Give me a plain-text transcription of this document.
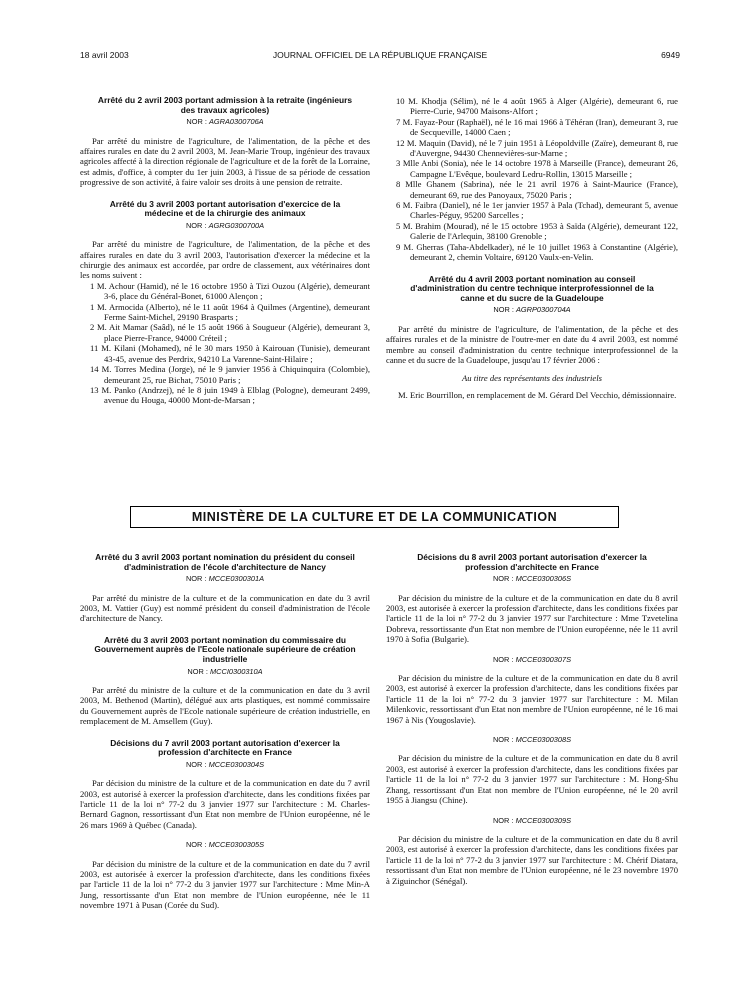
18 avril 2003	JOURNAL OFFICIEL DE LA RÉPUBLIQUE FRANÇAISE	6949
Arrêté du 2 avril 2003 portant admission à la retraite (ingénieurs des travaux agricoles)
NOR : AGRA0300706A

Par arrêté du ministre de l'agriculture, de l'alimentation, de la pêche et des affaires rurales en date du 2 avril 2003, M. Jean-Marie Troup, ingénieur des travaux agricoles affecté à la direction régionale de l'agriculture et de la forêt de la Lorraine, est admis, d'office, à compter du 1er juin 2003, à l'issue de sa période de cessation progressive de son activité, à faire valoir ses droits à une pension de retraite.

Arrêté du 3 avril 2003 portant autorisation d'exercice de la médecine et de la chirurgie des animaux
NOR : AGRG0300700A

Par arrêté du ministre de l'agriculture, de l'alimentation, de la pêche et des affaires rurales en date du 3 avril 2003, l'autorisation d'exercer la médecine et la chirurgie des animaux est accordée, par ordre de classement, aux vétérinaires dont les noms suivent :

1 M. Achour (Hamid), né le 16 octobre 1950 à Tizi Ouzou (Algérie), demeurant 3-6, place du Général-Bonet, 61000 Alençon ;

1 M. Armocida (Alberto), né le 11 août 1964 à Quilmes (Argentine), demeurant Ferme Saint-Michel, 29190 Brasparts ;

2 M. Ait Mamar (Saâd), né le 15 août 1966 à Sougueur (Algérie), demeurant 3, place Pierre-France, 94000 Créteil ;

11 M. Kilani (Mohamed), né le 30 mars 1950 à Kairouan (Tunisie), demeurant 43-45, avenue des Perdrix, 94210 La Varenne-Saint-Hilaire ;

14 M. Torres Medina (Jorge), né le 9 janvier 1956 à Chiquinquira (Colombie), demeurant 25, rue Bichat, 75010 Paris ;

13 M. Panko (Andrzej), né le 8 juin 1949 à Elblag (Pologne), demeurant 2499, avenue du Houga, 40000 Mont-de-Marsan ;

10 M. Khodja (Sélim), né le 4 août 1965 à Alger (Algérie), demeurant 6, rue Pierre-Curie, 94700 Maisons-Alfort ;

7 M. Fayaz-Pour (Raphaël), né le 16 mai 1966 à Téhéran (Iran), demeurant 3, rue de Secqueville, 14000 Caen ;

12 M. Maquin (David), né le 7 juin 1951 à Léopoldville (Zaïre), demeurant 8, rue d'Auvergne, 94430 Chennevières-sur-Marne ;

3 Mlle Anbi (Sonia), née le 14 octobre 1978 à Marseille (France), demeurant 26, Campagne L'Evêque, boulevard Ledru-Rollin, 13015 Marseille ;

8 Mlle Ghanem (Sabrina), née le 21 avril 1976 à Saint-Maurice (France), demeurant 69, rue des Panoyaux, 75020 Paris ;

6 M. Faibra (Daniel), né le 1er janvier 1957 à Pala (Tchad), demeurant 5, avenue Charles-Péguy, 95200 Sarcelles ;

5 M. Brahim (Mourad), né le 15 octobre 1953 à Saïda (Algérie), demeurant 122, Galerie de l'Arlequin, 38100 Grenoble ;

9 M. Gherras (Taha-Abdelkader), né le 10 juillet 1963 à Constantine (Algérie), demeurant 2, chemin Voltaire, 69120 Vaulx-en-Velin.

Arrêté du 4 avril 2003 portant nomination au conseil d'administration du centre technique interprofessionnel de la canne et du sucre de la Guadeloupe
NOR : AGRP0300704A

Par arrêté du ministre de l'agriculture, de l'alimentation, de la pêche et des affaires rurales et de la ministre de l'outre-mer en date du 4 avril 2003, est nommé membre au conseil d'administration du centre technique interprofessionnel de la canne et du sucre de la Guadeloupe, jusqu'au 17 février 2006 :

Au titre des représentants des industriels

M. Eric Bourrillon, en remplacement de M. Gérard Del Vecchio, démissionnaire.

MINISTÈRE DE LA CULTURE ET DE LA COMMUNICATION
Arrêté du 3 avril 2003 portant nomination du président du conseil d'administration de l'école d'architecture de Nancy
NOR : MCCE0300301A

Par arrêté du ministre de la culture et de la communication en date du 3 avril 2003, M. Vattier (Guy) est nommé président du conseil d'administration de l'école d'architecture de Nancy.

Arrêté du 3 avril 2003 portant nomination du commissaire du Gouvernement auprès de l'Ecole nationale supérieure de création industrielle
NOR : MCCI0300310A

Par arrêté du ministre de la culture et de la communication en date du 3 avril 2003, M. Bethenod (Martin), délégué aux arts plastiques, est nommé commissaire du Gouvernement auprès de l'Ecole nationale supérieure de création industrielle, en remplacement de M. Amsellem (Guy).

Décisions du 7 avril 2003 portant autorisation d'exercer la profession d'architecte en France
NOR : MCCE0300304S

Par décision du ministre de la culture et de la communication en date du 7 avril 2003, est autorisé à exercer la profession d'architecte, dans les conditions fixées par l'article 11 de la loi n° 77-2 du 3 janvier 1977 sur l'architecture : M. Charles-Bernard Gagnon, ressortissant d'un Etat non membre de l'Union européenne, né le 26 mars 1969 à Québec (Canada).

NOR : MCCE0300305S

Par décision du ministre de la culture et de la communication en date du 7 avril 2003, est autorisée à exercer la profession d'architecte, dans les conditions fixées par l'article 11 de la loi n° 77-2 du 3 janvier 1977 sur l'architecture : Mme Min-A Jung, ressortissante d'un Etat non membre de l'Union européenne, née le 11 novembre 1971 à Pusan (Corée du Sud).

Décisions du 8 avril 2003 portant autorisation d'exercer la profession d'architecte en France
NOR : MCCE0300306S

Par décision du ministre de la culture et de la communication en date du 8 avril 2003, est autorisée à exercer la profession d'architecte, dans les conditions fixées par l'article 11 de la loi n° 77-2 du 3 janvier 1977 sur l'architecture : Mme Tzvetelina Dobreva, ressortissante d'un Etat non membre de l'Union européenne, née le 11 avril 1970 à Sofia (Bulgarie).

NOR : MCCE0300307S

Par décision du ministre de la culture et de la communication en date du 8 avril 2003, est autorisé à exercer la profession d'architecte, dans les conditions fixées par l'article 11 de la loi n° 77-2 du 3 janvier 1977 sur l'architecture : M. Milan Milenkovic, ressortissant d'un Etat non membre de l'Union européenne, né le 16 mai 1967 à Nis (Yougoslavie).

NOR : MCCE0300308S

Par décision du ministre de la culture et de la communication en date du 8 avril 2003, est autorisé à exercer la profession d'architecte, dans les conditions fixées par l'article 11 de la loi n° 77-2 du 3 janvier 1977 sur l'architecture : M. Hong-Shu Zhang, ressortissant d'un Etat non membre de l'Union européenne, né le 20 avril 1955 à Jiangsu (Chine).

NOR : MCCE0300309S

Par décision du ministre de la culture et de la communication en date du 8 avril 2003, est autorisé à exercer la profession d'architecte, dans les conditions fixées par l'article 11 de la loi n° 77-2 du 3 janvier 1977 sur l'architecture : M. Chérif Diatara, ressortissant d'un Etat non membre de l'Union européenne, né le 23 novembre 1970 à Ziguinchor (Sénégal).
